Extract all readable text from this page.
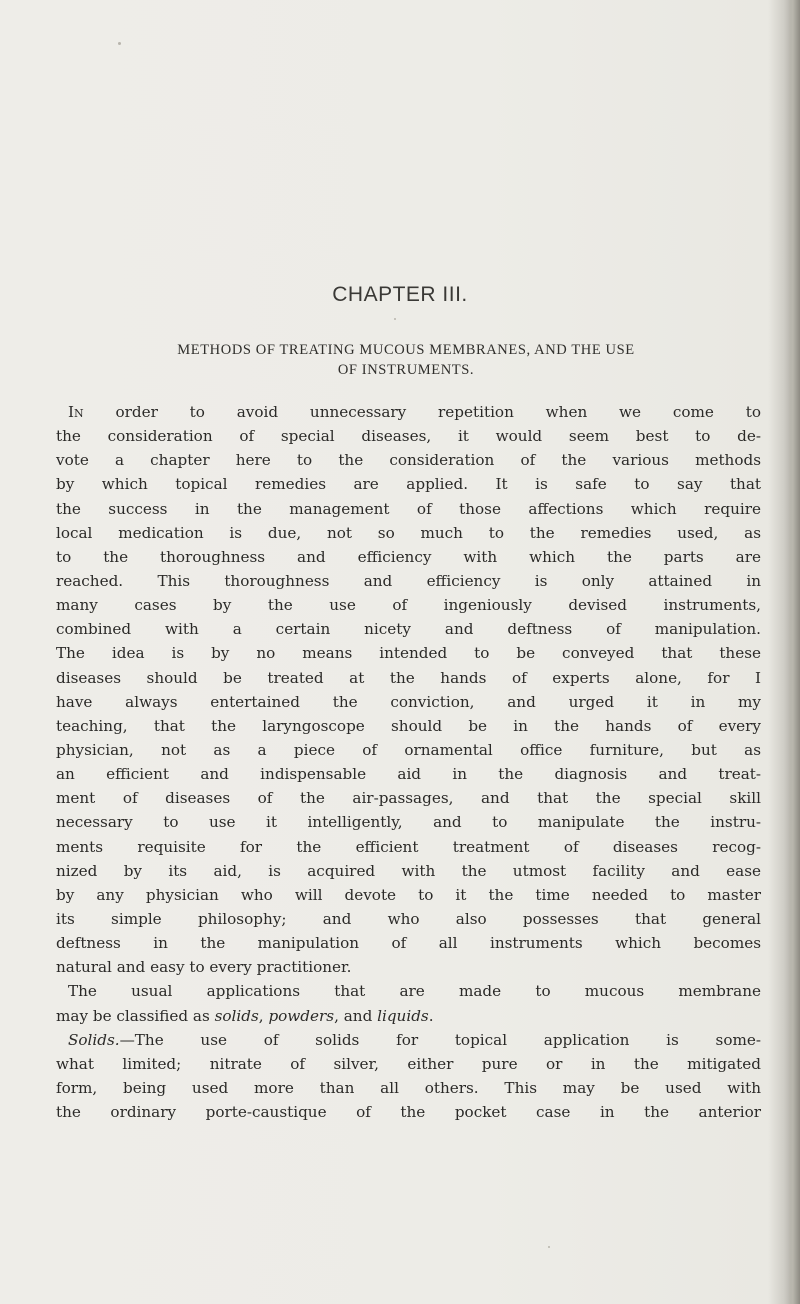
CHAPTER III.
METHODS OF TREATING MUCOUS MEMBRANES, AND THE USE
OF INSTRUMENTS.
In order to avoid unnecessary repetition when we come to
the consideration of special diseases, it would seem best to de-
vote a chapter here to the consideration of the various methods
by which topical remedies are applied. It is safe to say that
the success in the management of those affections which require
local medication is due, not so much to the remedies used, as
to the thoroughness and efficiency with which the parts are
reached. This thoroughness and efficiency is only attained in
many cases by the use of ingeniously devised instruments,
combined with a certain nicety and deftness of manipulation.
The idea is by no means intended to be conveyed that these
diseases should be treated at the hands of experts alone, for I
have always entertained the conviction, and urged it in my
teaching, that the laryngoscope should be in the hands of every
physician, not as a piece of ornamental office furniture, but as
an efficient and indispensable aid in the diagnosis and treat-
ment of diseases of the air-passages, and that the special skill
necessary to use it intelligently, and to manipulate the instru-
ments requisite for the efficient treatment of diseases recog-
nized by its aid, is acquired with the utmost facility and ease
by any physician who will devote to it the time needed to master
its simple philosophy; and who also possesses that general
deftness in the manipulation of all instruments which becomes
natural and easy to every practitioner.
The usual applications that are made to mucous membrane
may be classified as solids, powders, and liquids.
Solids.—The use of solids for topical application is some-
what limited; nitrate of silver, either pure or in the mitigated
form, being used more than all others. This may be used with
the ordinary porte-caustique of the pocket case in the anterior
